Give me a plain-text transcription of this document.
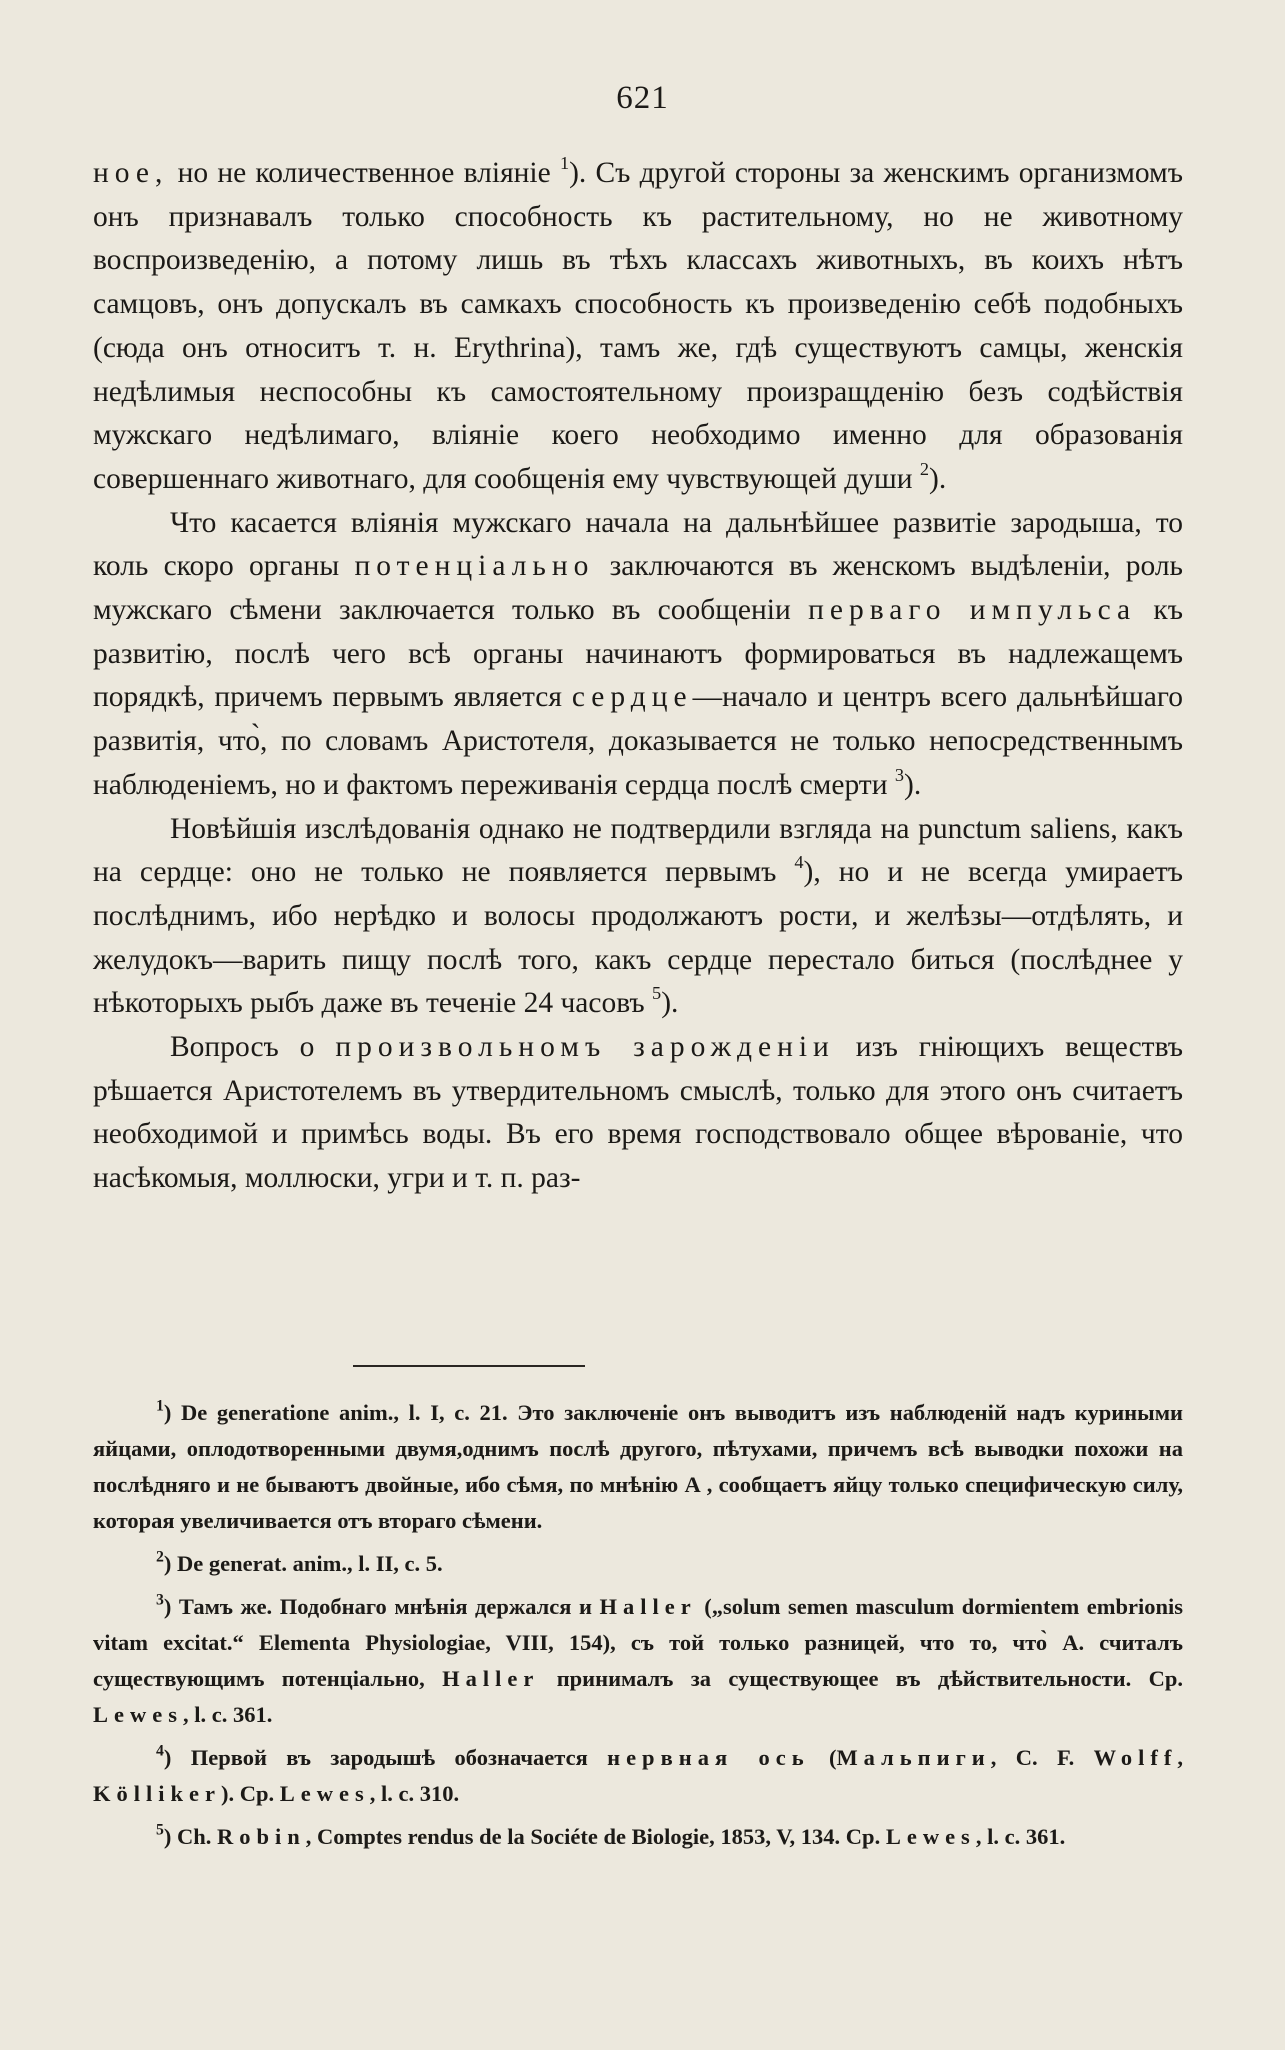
621

ное, но не количественное вліяніе $^1$). Съ другой стороны за женскимъ организмомъ онъ признавалъ только способность къ растительному, но не животному воспроизведенію, а потому лишь въ тѣхъ классахъ животныхъ, въ коихъ нѣтъ самцовъ, онъ допускалъ въ самкахъ способность къ произведенію себѣ подобныхъ (сюда онъ относитъ т. н. Erythrina), тамъ же, гдѣ существуютъ самцы, женскія недѣлимыя неспособны къ самостоятельному произращденію безъ содѣйствія мужскаго недѣлимаго, вліяніе коего необходимо именно для образованія совершеннаго животнаго, для сообщенія ему чувствующей души $^2$).

Что касается вліянія мужскаго начала на дальнѣйшее развитіе зародыша, то коль скоро органы потенціально заключаются въ женскомъ выдѣленіи, роль мужскаго сѣмени заключается только въ сообщеніи перваго импульса къ развитію, послѣ чего всѣ органы начинаютъ формироваться въ надлежащемъ порядкѣ, причемъ первымъ является сердце—начало и центръ всего дальнѣйшаго развитія, что̀, по словамъ Аристотеля, доказывается не только непосредственнымъ наблюденіемъ, но и фактомъ переживанія сердца послѣ смерти $^3$).

Новѣйшія изслѣдованія однако не подтвердили взгляда на punctum saliens, какъ на сердце: оно не только не появляется первымъ $^4$), но и не всегда умираетъ послѣднимъ, ибо нерѣдко и волосы продолжаютъ рости, и желѣзы—отдѣлять, и желудокъ—варить пищу послѣ того, какъ сердце перестало биться (послѣднее у нѣкоторыхъ рыбъ даже въ теченіе 24 часовъ $^5$).

Вопросъ о произвольномъ зарожденіи изъ гніющихъ веществъ рѣшается Аристотелемъ въ утвердительномъ смыслѣ, только для этого онъ считаетъ необходимой и примѣсь воды. Въ его время господствовало общее вѣрованіе, что насѣкомыя, моллюски, угри и т. п. раз-

$^1$) De generatione anim., l. I, c. 21. Это заключеніе онъ выводитъ изъ наблюденій надъ куриными яйцами, оплодотворенными двумя,однимъ послѣ другого, пѣтухами, причемъ всѣ выводки похожи на послѣдняго и не бываютъ двойные, ибо сѣмя, по мнѣнію А, сообщаетъ яйцу только специфическую силу, которая увеличивается отъ втораго сѣмени.

$^2$) De generat. anim., l. II, c. 5.

$^3$) Тамъ же. Подобнаго мнѣнія держался и Haller („solum semen masculum dormientem embrionis vitam excitat.“ Elementa Physiologiae, VIII, 154), съ той только разницей, что то, что̀ А. считалъ существующимъ потенціально, Haller принималъ за существующее въ дѣйствительности. Ср. Lewes, l. c. 361.

$^4$) Первой въ зародышѣ обозначается нервная ось (Мальпиги, C. F. Wolff, Kölliker). Ср. Lewes, l. c. 310.

$^5$) Ch. Robin, Comptes rendus de la Sociéte de Biologie, 1853, V, 134. Ср. Lewes, l. c. 361.
